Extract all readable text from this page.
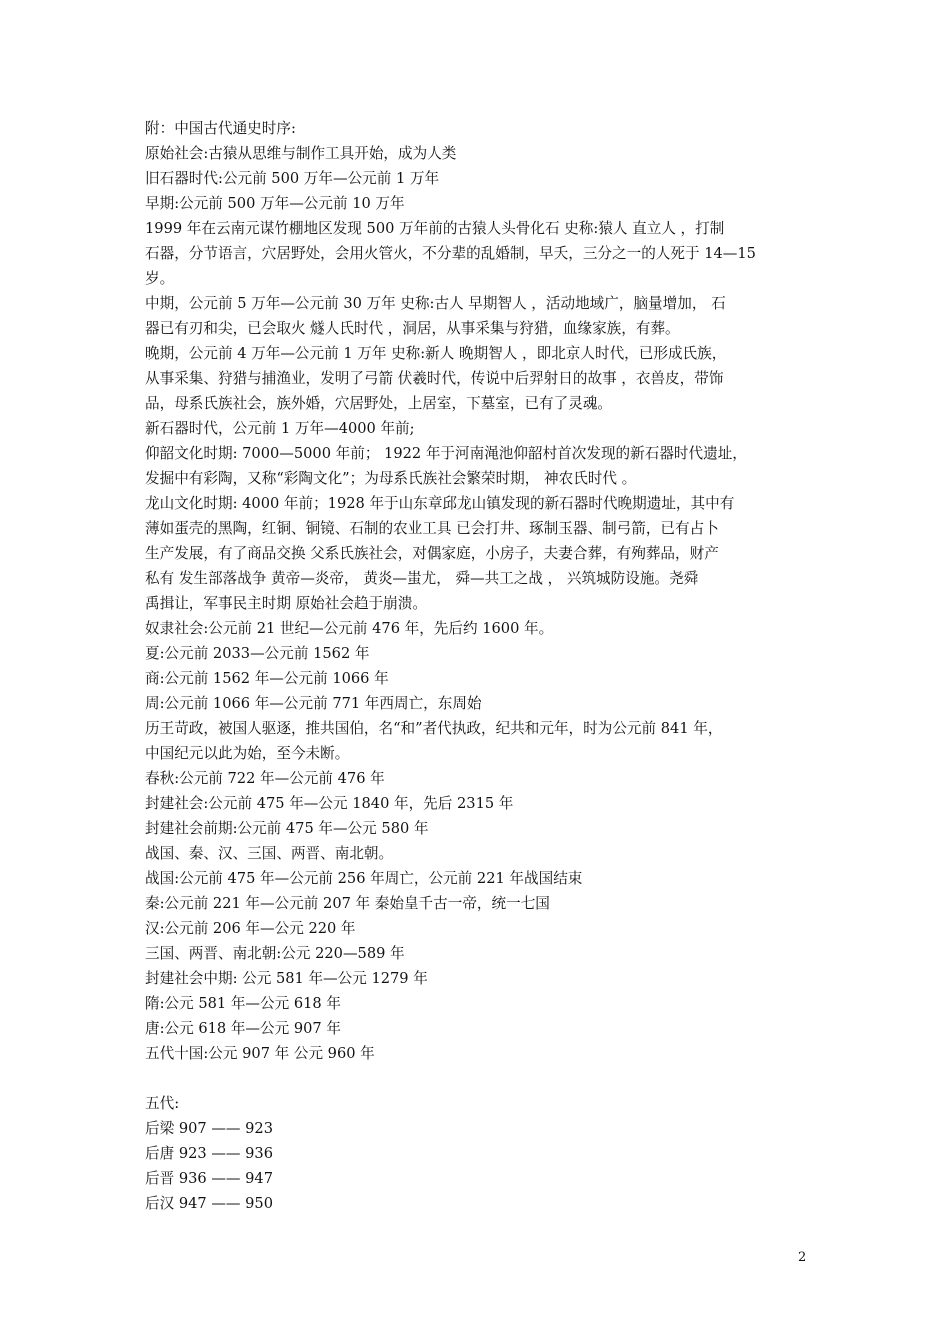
附：中国古代通史时序:
原始社会:古猿从思维与制作工具开始，成为人类
旧石器时代:公元前 500 万年—公元前 1 万年
早期:公元前 500 万年—公元前 10 万年
1999 年在云南元谋竹棚地区发现 500 万年前的古猿人头骨化石 史称:猿人 直立人 ，打制
石器，分节语言，穴居野处，会用火管火，不分辈的乱婚制，早夭，三分之一的人死于 14—15
岁。
中期，公元前 5 万年—公元前 30 万年 史称:古人 早期智人 ，活动地域广，脑量增加， 石
器已有刃和尖，已会取火 燧人氏时代 ，洞居，从事采集与狩猎，血缘家族，有葬。
晚期，公元前 4 万年—公元前 1 万年 史称:新人 晚期智人 ，即北京人时代，已形成氏族，
从事采集、狩猎与捕渔业，发明了弓箭 伏羲时代，传说中后羿射日的故事 ，衣兽皮，带饰
品，母系氏族社会，族外婚，穴居野处，上居室，下墓室，已有了灵魂。
新石器时代，公元前 1 万年—4000 年前;
仰韶文化时期: 7000—5000 年前； 1922 年于河南渑池仰韶村首次发现的新石器时代遗址，
发掘中有彩陶，又称“彩陶文化”；为母系氏族社会繁荣时期， 神农氏时代 。
龙山文化时期: 4000 年前；1928 年于山东章邱龙山镇发现的新石器时代晚期遗址，其中有
薄如蛋壳的黑陶，红铜、铜镜、石制的农业工具 已会打井、琢制玉器、制弓箭，已有占卜
生产发展，有了商品交换 父系氏族社会，对偶家庭，小房子，夫妻合葬，有殉葬品，财产
私有 发生部落战争 黄帝—炎帝， 黄炎—蚩尤， 舜—共工之战 ， 兴筑城防设施。尧舜
禹揖让，军事民主时期 原始社会趋于崩溃。
奴隶社会:公元前 21 世纪—公元前 476 年，先后约 1600 年。
夏:公元前 2033—公元前 1562 年
商:公元前 1562 年—公元前 1066 年
周:公元前 1066 年—公元前 771 年西周亡，东周始
历王苛政，被国人驱逐，推共国伯，名“和”者代执政，纪共和元年，时为公元前 841 年，
中国纪元以此为始，至今未断。
春秋:公元前 722 年—公元前 476 年
封建社会:公元前 475 年—公元 1840 年，先后 2315 年
封建社会前期:公元前 475 年—公元 580 年
战国、秦、汉、三国、两晋、南北朝。
战国:公元前 475 年—公元前 256 年周亡，公元前 221 年战国结束
秦:公元前 221 年—公元前 207 年 秦始皇千古一帝，统一七国
汉:公元前 206 年—公元 220 年
三国、两晋、南北朝:公元 220—589 年
封建社会中期: 公元 581 年—公元 1279 年
隋:公元 581 年—公元 618 年
唐:公元 618 年—公元 907 年
五代十国:公元 907 年 公元 960 年
五代:
后梁 907 —— 923
后唐 923 —— 936
后晋 936 —— 947
后汉 947 —— 950
2
